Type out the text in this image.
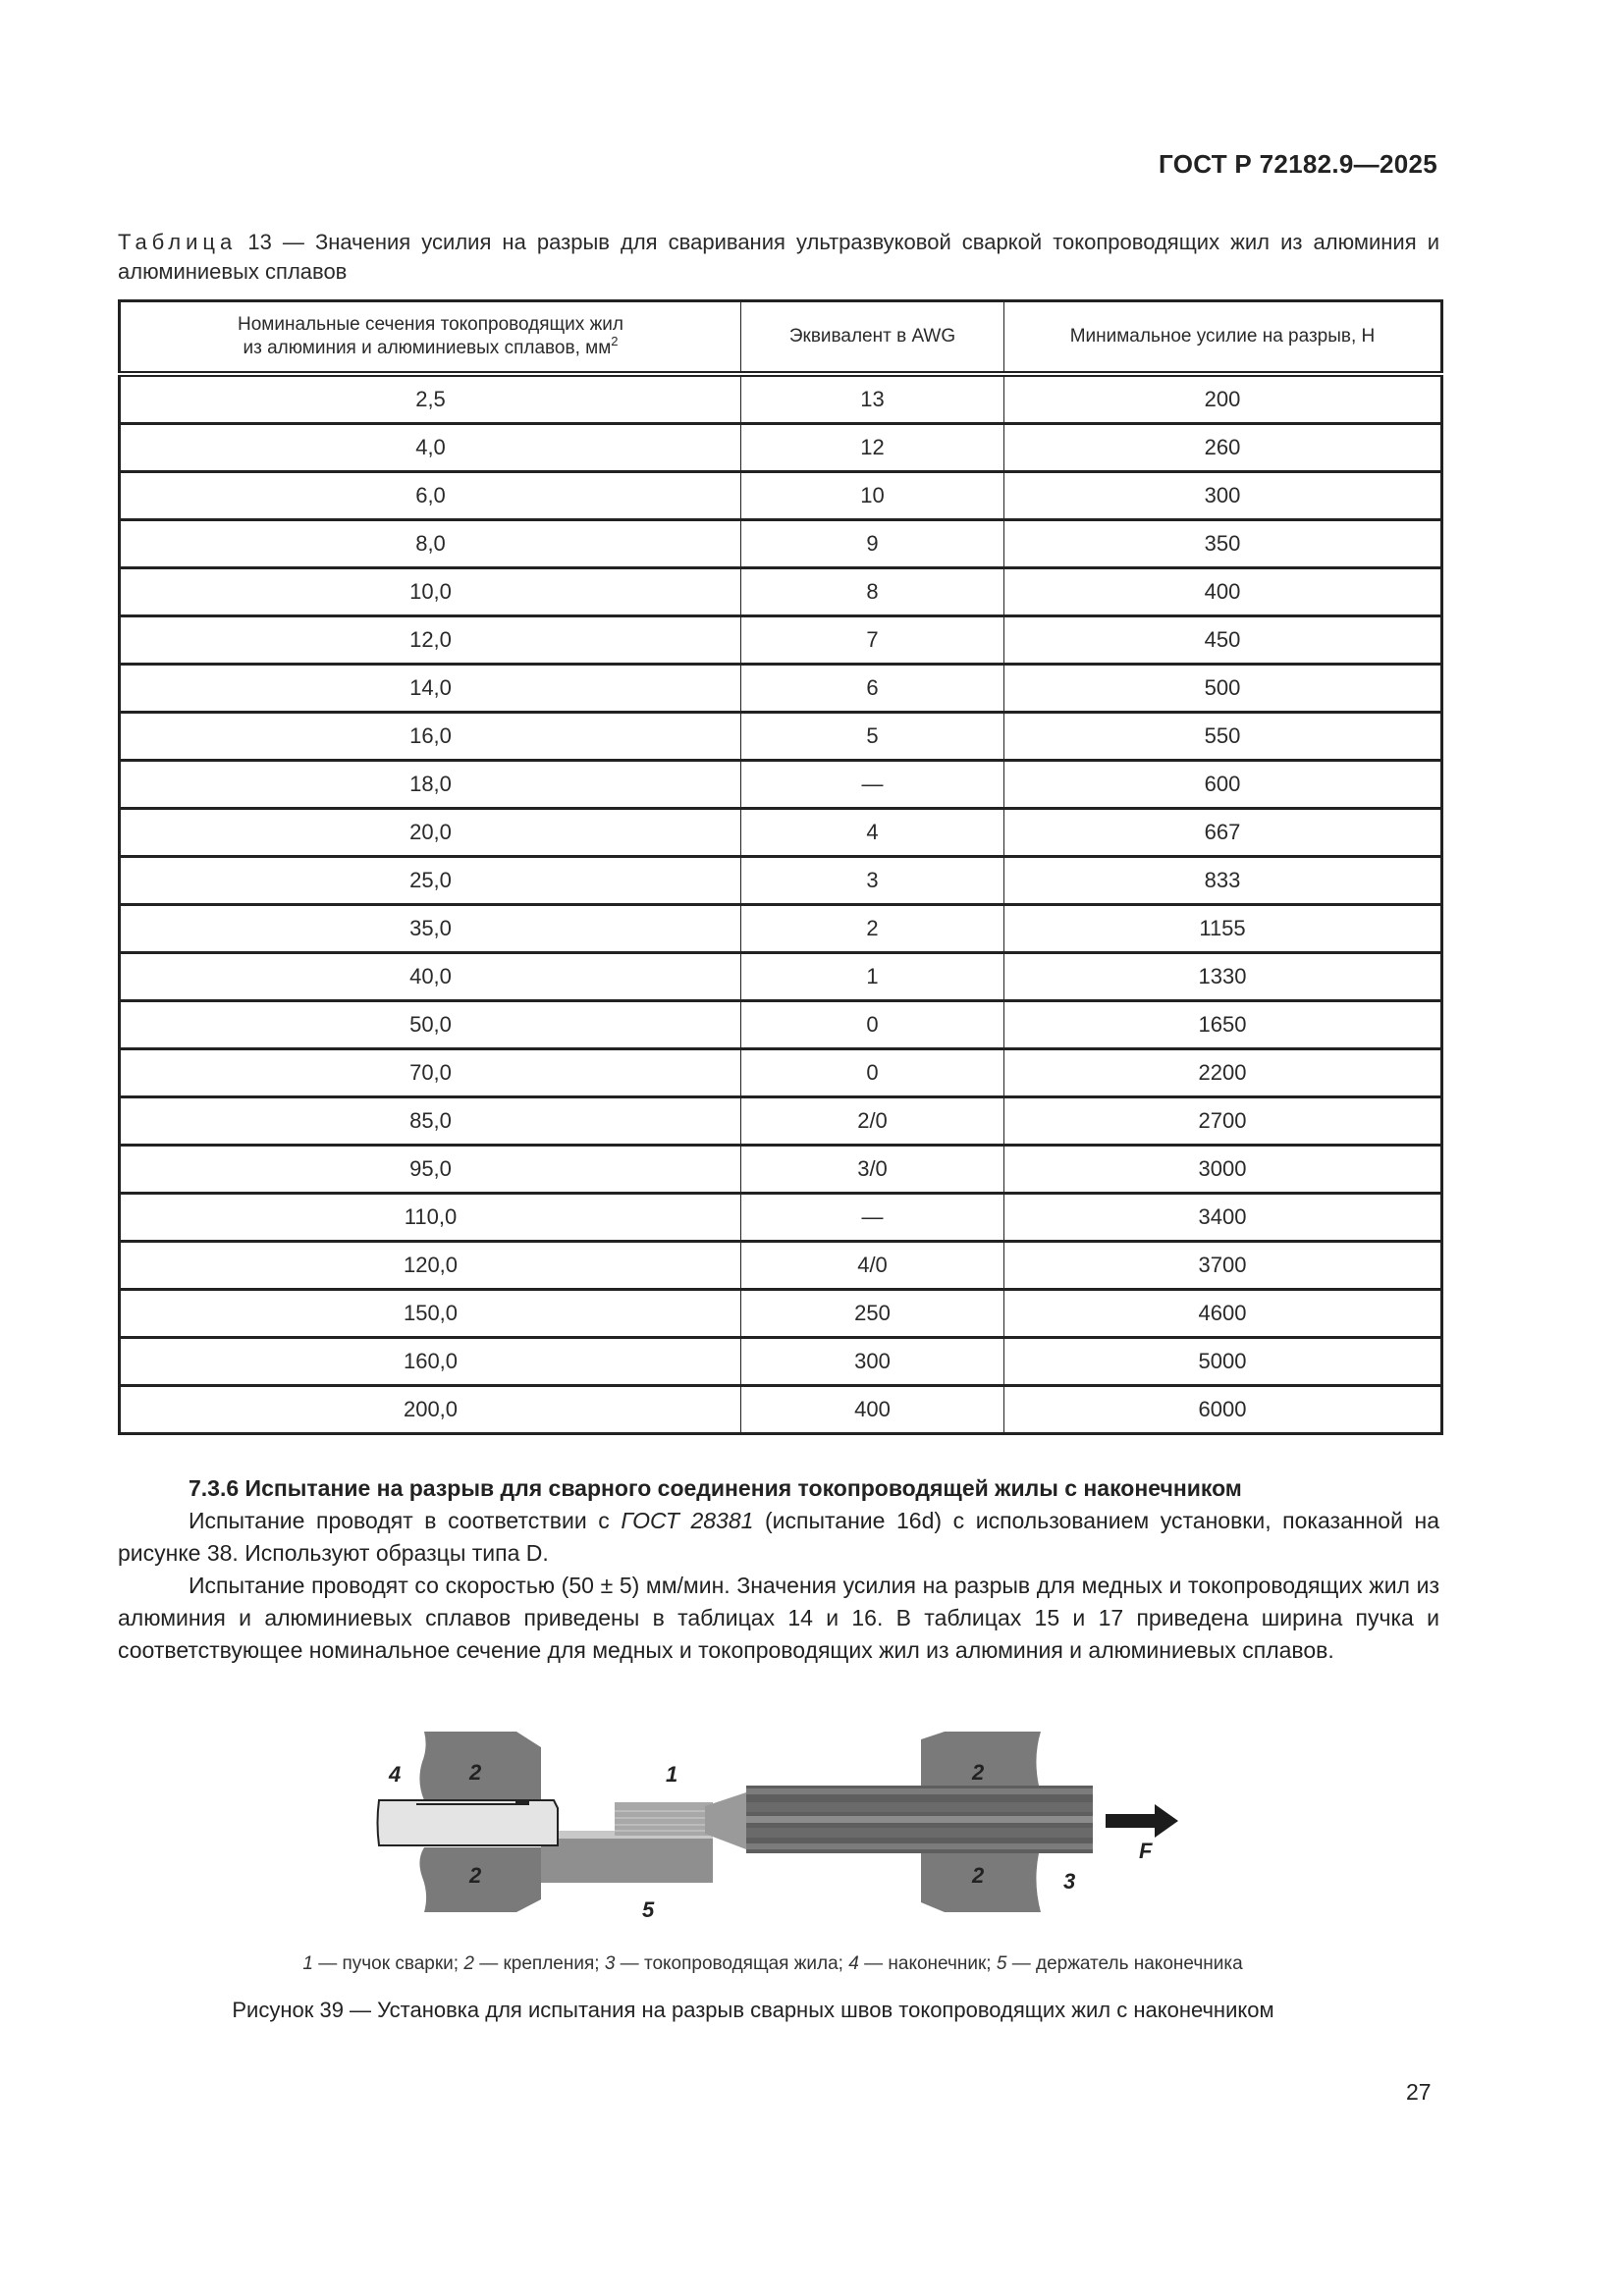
ГОСТ Р 72182.9—2025
Таблица 13 — Значения усилия на разрыв для сваривания ультразвуковой сваркой токопроводящих жил из алюминия и алюминиевых сплавов
Номинальные сечения токопроводящих жил
из алюминия и алюминиевых сплавов, $мм^2$	Эквивалент в AWG	Минимальное усилие на разрыв, Н
2,5	13	200
4,0	12	260
6,0	10	300
8,0	9	350
10,0	8	400
12,0	7	450
14,0	6	500
16,0	5	550
18,0	—	600
20,0	4	667
25,0	3	833
35,0	2	1155
40,0	1	1330
50,0	0	1650
70,0	0	2200
85,0	2/0	2700
95,0	3/0	3000
110,0	—	3400
120,0	4/0	3700
150,0	250	4600
160,0	300	5000
200,0	400	6000

7.3.6 Испытание на разрыв для сварного соединения токопроводящей жилы с наконечником

Испытание проводят в соответствии с ГОСТ 28381 (испытание 16d) с использованием установки, показанной на рисунке 38. Используют образцы типа D.

Испытание проводят со скоростью (50 ± 5) мм/мин. Значения усилия на разрыв для медных и токопроводящих жил из алюминия и алюминиевых сплавов приведены в таблицах 14 и 16. В таблицах 15 и 17 приведена ширина пучка и соответствующее номинальное сечение для медных и токопроводящих жил из алюминия и алюминиевых сплавов.

4	2	1	2
2	2	3
5
F
1 — пучок сварки; 2 — крепления; 3 — токопроводящая жила; 4 — наконечник; 5 — держатель наконечника
Рисунок 39 — Установка для испытания на разрыв сварных швов токопроводящих жил с наконечником
27
